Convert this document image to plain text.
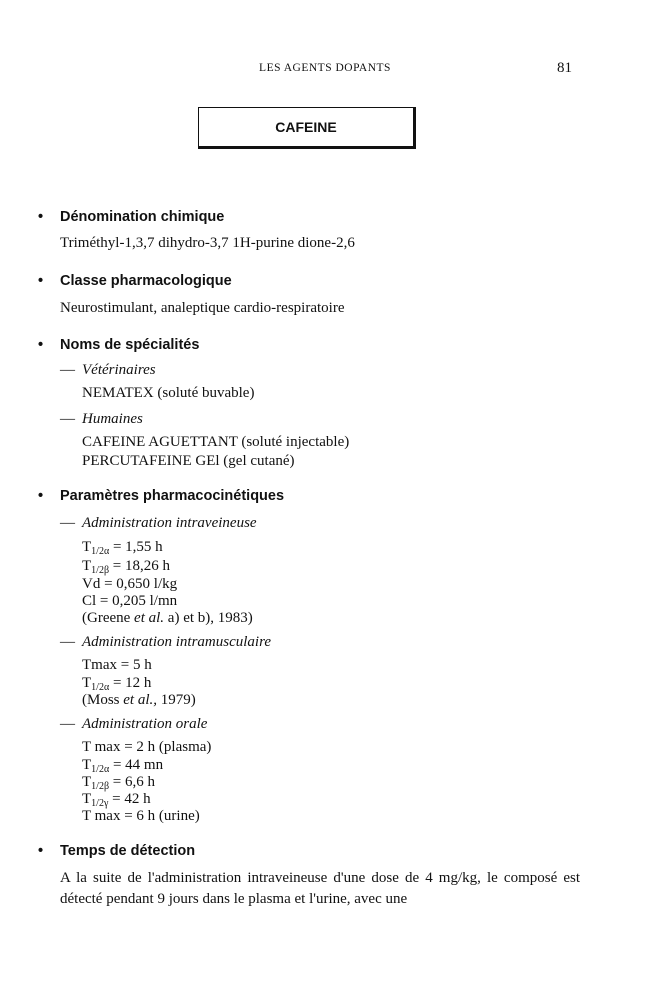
LES AGENTS DOPANTS	81
CAFEINE
• Dénomination chimique
Triméthyl-1,3,7 dihydro-3,7 1H-purine dione-2,6
• Classe pharmacologique
Neurostimulant, analeptique cardio-respiratoire
• Noms de spécialités
— Vétérinaires
NEMATEX (soluté buvable)
— Humaines
CAFEINE AGUETTANT (soluté injectable)
PERCUTAFEINE GEl (gel cutané)
• Paramètres pharmacocinétiques
— Administration intraveineuse
$T_{1/2\alpha} = 1,55$ h
$T_{1/2\beta} = 18,26$ h
Vd = 0,650 l/kg
Cl = 0,205 l/mn
(Greene et al. a) et b), 1983)
— Administration intramusculaire
Tmax = 5 h
$T_{1/2\alpha} = 12$ h
(Moss et al., 1979)
— Administration orale
T max = 2 h (plasma)
$T_{1/2\alpha} = 44$ mn
$T_{1/2\beta} = 6,6$ h
$T_{1/2\gamma} = 42$ h
T max = 6 h (urine)
• Temps de détection
A la suite de l'administration intraveineuse d'une dose de 4 mg/kg, le composé est détecté pendant 9 jours dans le plasma et l'urine, avec une
